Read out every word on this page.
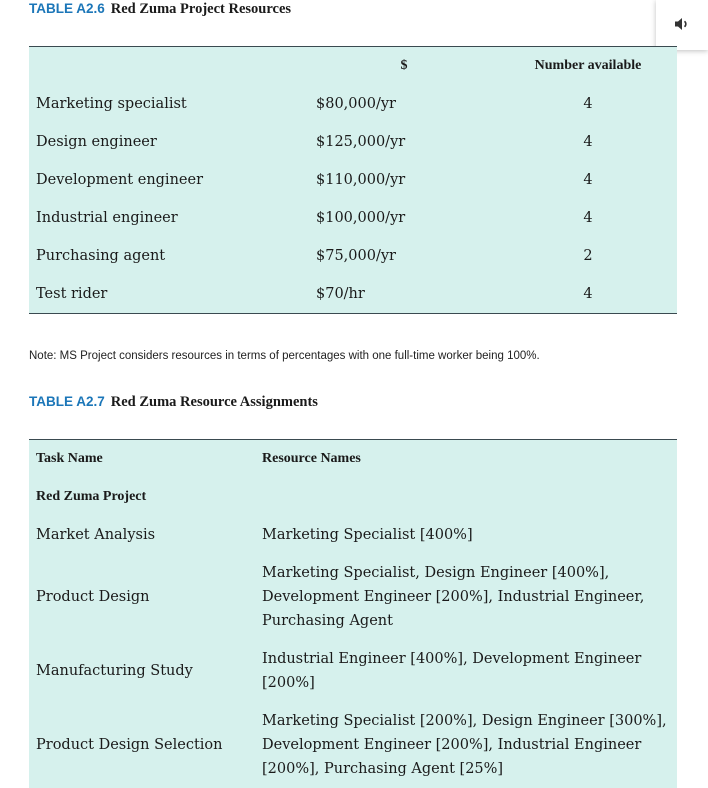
TABLE A2.6 Red Zuma Project Resources
	$	Number available
Marketing specialist	$80,000/yr	4
Design engineer	$125,000/yr	4
Development engineer	$110,000/yr	4
Industrial engineer	$100,000/yr	4
Purchasing agent	$75,000/yr	2
Test rider	$70/hr	4
Note: MS Project considers resources in terms of percentages with one full-time worker being 100%.
TABLE A2.7 Red Zuma Resource Assignments
Task Name	Resource Names
Red Zuma Project	
Market Analysis	Marketing Specialist [400%]
Product Design	Marketing Specialist, Design Engineer [400%], Development Engineer [200%], Industrial Engineer, Purchasing Agent
Manufacturing Study	Industrial Engineer [400%], Development Engineer [200%]
Product Design Selection	Marketing Specialist [200%], Design Engineer [300%], Development Engineer [200%], Industrial Engineer [200%], Purchasing Agent [25%]
